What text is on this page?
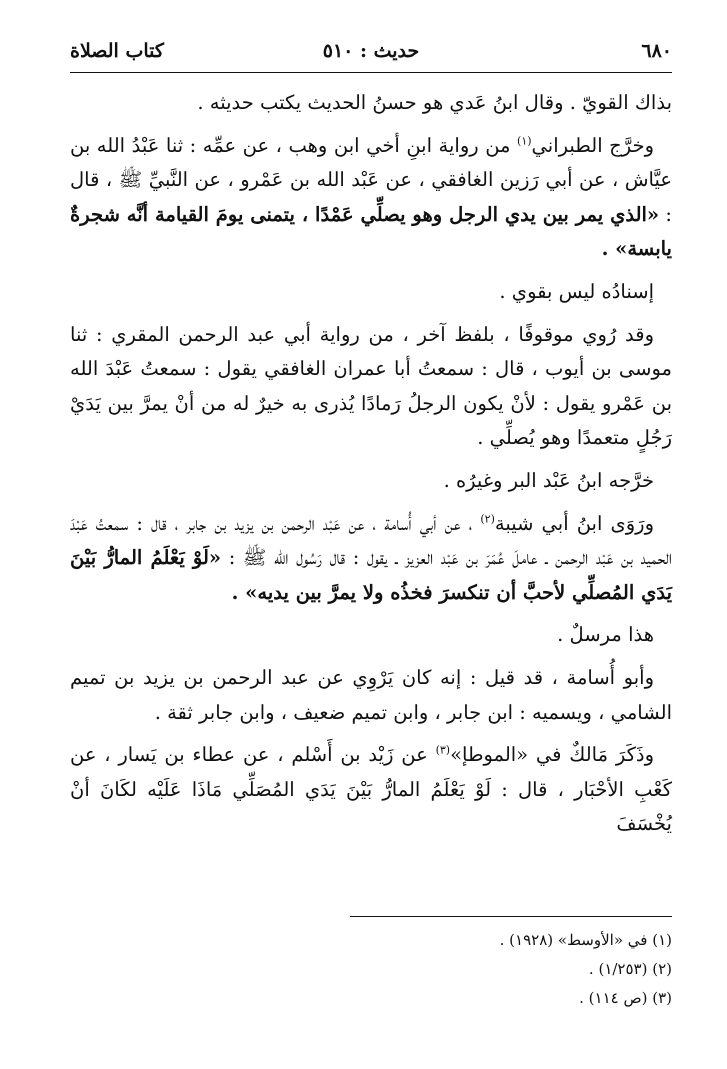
٦٨٠
حديث : ٥١٠
كتاب الصلاة

بذاك القويّ . وقال ابنُ عَدي هو حسنُ الحديث يكتب حديثه .

وخرَّج الطبراني$^{(١)}$ من رواية ابنِ أخي ابن وهب ، عن عمِّه : ثنا عَبْدُ الله بن عيَّاش ، عن أبي رَزين الغافقي ، عن عَبْد الله بن عَمْرو ، عن النَّبيِّ ﷺ ، قال : «الذي يمر بين يدي الرجل وهو يصلِّي عَمْدًا ، يتمنى يومَ القيامة أنَّه شجرةٌ يابسة» .

إسنادُه ليس بقوي .

وقد رُوي موقوفًا ، بلفظ آخر ، من رواية أبي عبد الرحمن المقري : ثنا موسى بن أيوب ، قال : سمعتُ أبا عمران الغافقي يقول : سمعتُ عَبْدَ الله بن عَمْرو يقول : لأنْ يكون الرجلُ رَمادًا يُذرى به خيرٌ له من أنْ يمرَّ بين يَدَيْ رَجُلٍ متعمدًا وهو يُصلِّي .

خرَّجه ابنُ عَبْد البر وغيرُه .

ورَوَى ابنُ أبي شيبة$^{(٢)}$ ، عن أبي أُسامة ، عن عَبْد الرحمن بن يزيد بن جابر ، قال : سمعتُ عَبْدَ الحميد بن عَبْد الرحمن ـ عاملَ عُمَرَ بن عَبْد العزيز ـ يقول : قال رَسُول الله ﷺ : «لَوْ يَعْلَمُ المارُّ بَيْنَ يَدَي المُصلِّي لأحبَّ أن تنكسرَ فخذُه ولا يمرَّ بين يديه» .

هذا مرسلٌ .

وأبو أُسامة ، قد قيل : إنه كان يَرْوِي عن عبد الرحمن بن يزيد بن تميم الشامي ، ويسميه : ابن جابر ، وابن تميم ضعيف ، وابن جابر ثقة .

وذَكَرَ مَالكٌ في «الموطإ»$^{(٣)}$ عن زَيْد بن أَسْلم ، عن عطاء بن يَسار ، عن كَعْبِ الأحْبَار ، قال : لَوْ يَعْلَمُ المارُّ بَيْنَ يَدَي المُصَلِّي مَاذَا عَلَيْه لكَانَ أنْ يُخْسَفَ

(١) في «الأوسط» (١٩٢٨) .
(٢) (١/٢٥٣) .
(٣) (ص ١١٤) .
